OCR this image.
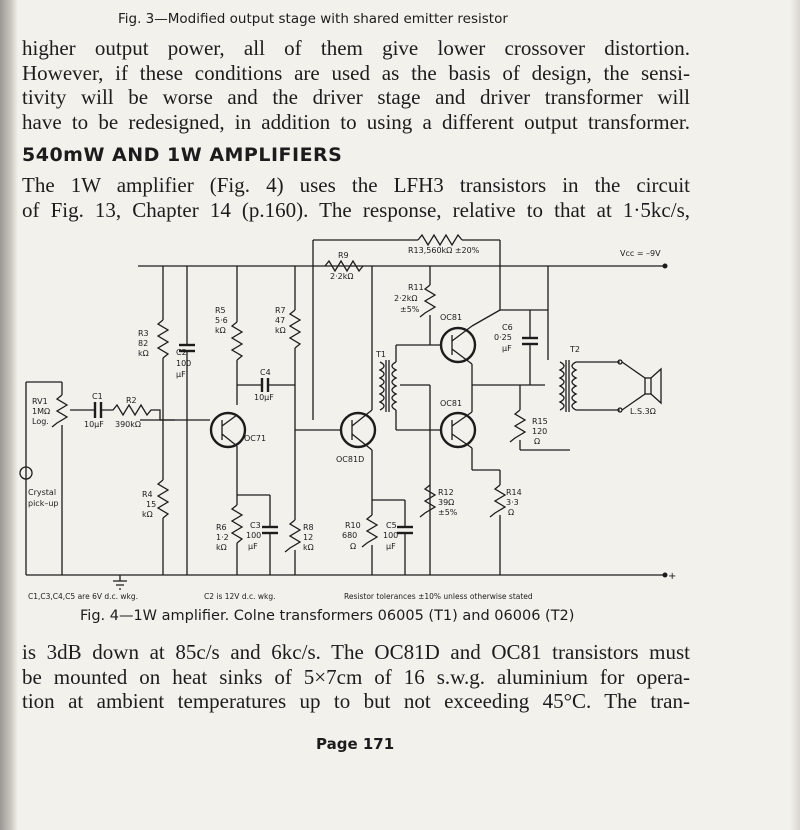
Fig. 3—Modified output stage with shared emitter resistor
higher output power, all of them give lower crossover distortion.
However, if these conditions are used as the basis of design, the sensi-
tivity will be worse and the driver stage and driver transformer will
have to be redesigned, in addition to using a different output transformer.
540mW AND 1W AMPLIFIERS
The 1W amplifier (Fig. 4) uses the LFH3 transistors in the circuit
of Fig. 13, Chapter 14 (p.160). The response, relative to that at 1·5kc/s,
R9
2·2kΩ
R13,560kΩ ±20%	Vcc = –9V
R11
2·2kΩ
±5%
R3
82
kΩ
R5
5·6
kΩ
R7
47
kΩ
C2
100
μF
OC81
C6
0·25
μF	T2
T1
C4
10μF
RV1
1MΩ
Log.
C1
10μF
R2
390kΩ
OC71
OC81D
OC81
R15
120
Ω
L.S.3Ω
Crystal
pick–up
R4
15
kΩ
R12
39Ω
±5%
R14
3·3
Ω
R6
1·2
kΩ
C3
100
μF
R8
12
kΩ
R10
680
Ω
C5
100
μF
+
C1,C3,C4,C5 are 6V d.c. wkg.	C2 is 12V d.c. wkg.	Resistor tolerances ±10% unless otherwise stated
Fig. 4—1W amplifier. Colne transformers 06005 (T1) and 06006 (T2)
is 3dB down at 85c/s and 6kc/s. The OC81D and OC81 transistors must
be mounted on heat sinks of 5×7cm of 16 s.w.g. aluminium for opera-
tion at ambient temperatures up to but not exceeding 45°C. The tran-
Page 171
